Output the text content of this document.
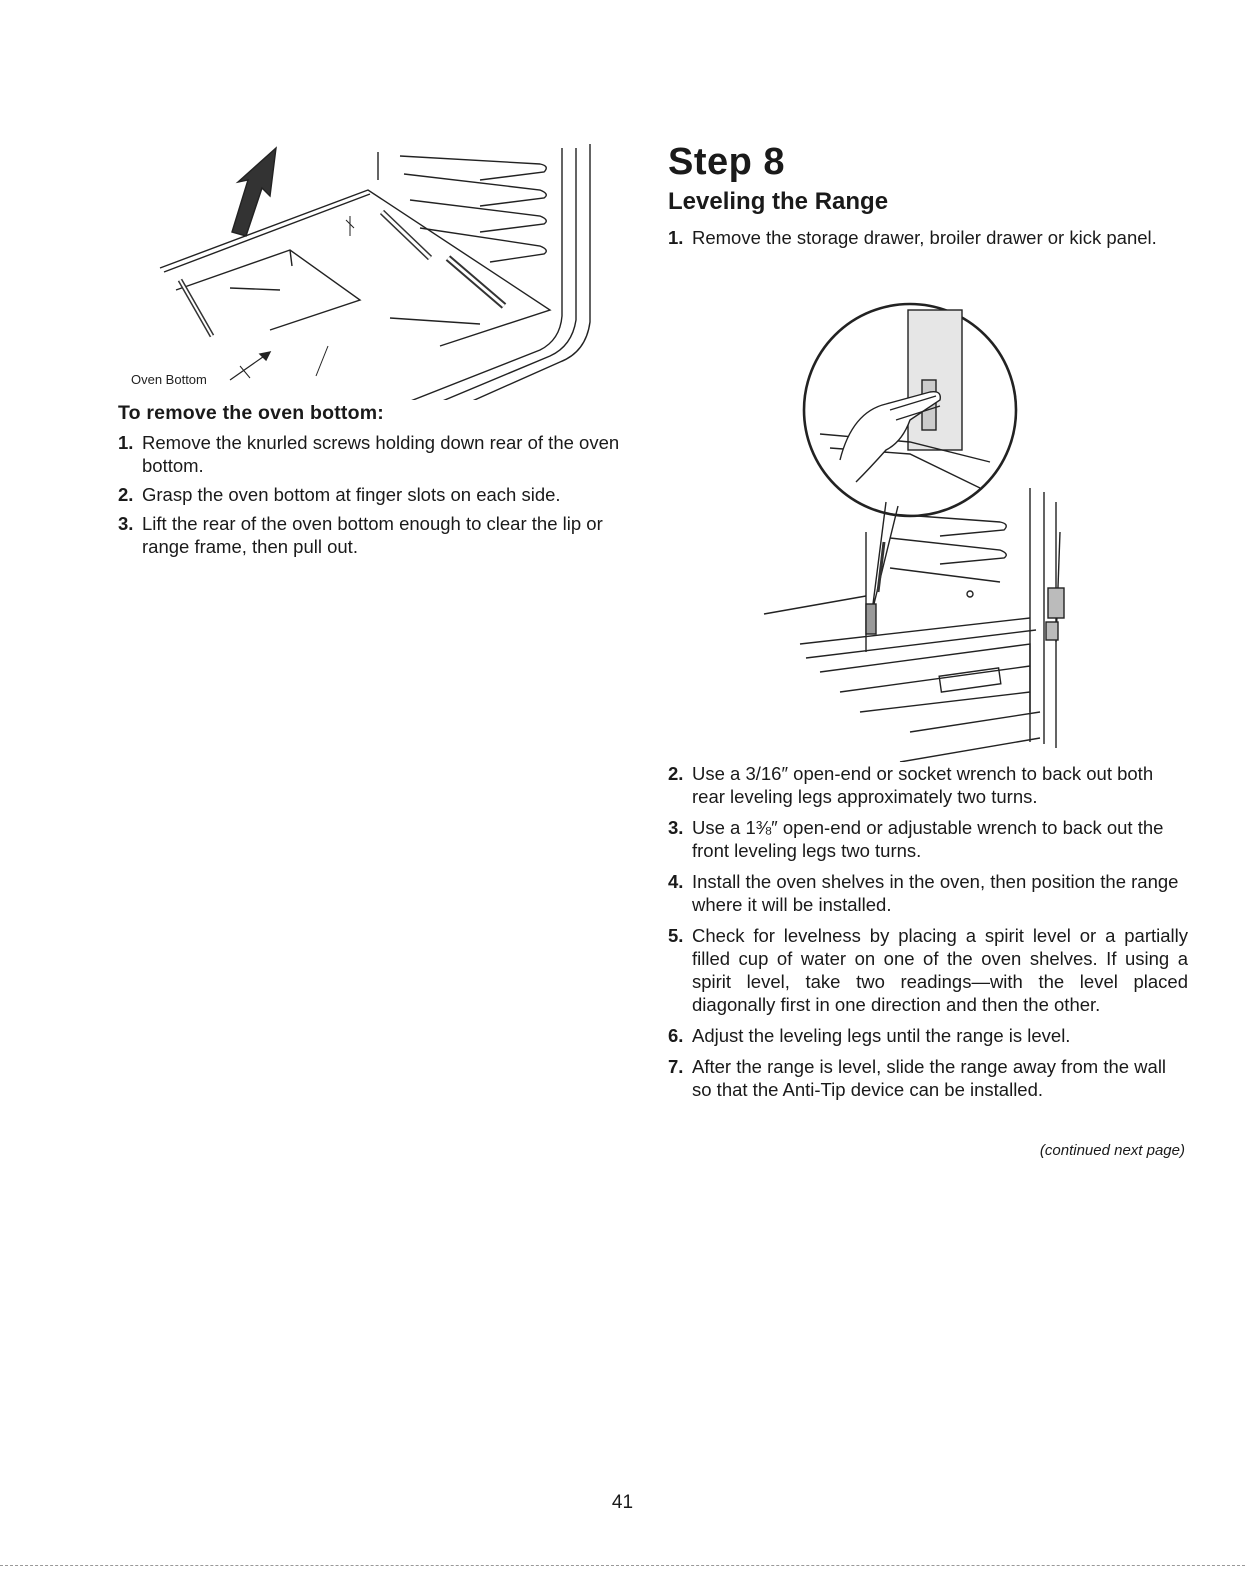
Oven Bottom
To remove the oven bottom:
1. Remove the knurled screws holding down rear of the oven bottom.
2. Grasp the oven bottom at finger slots on each side.
3. Lift the rear of the oven bottom enough to clear the lip or range frame, then pull out.
Step 8
Leveling the Range
1. Remove the storage drawer, broiler drawer or kick panel.
2. Use a 3/16″ open-end or socket wrench to back out both rear leveling legs approximately two turns.
3. Use a 1⅜″ open-end or adjustable wrench to back out the front leveling legs two turns.
4. Install the oven shelves in the oven, then position the range where it will be installed.
5. Check for levelness by placing a spirit level or a partially filled cup of water on one of the oven shelves. If using a spirit level, take two readings—with the level placed diagonally first in one direction and then the other.
6. Adjust the leveling legs until the range is level.
7. After the range is level, slide the range away from the wall so that the Anti-Tip device can be installed.
(continued next page)
41
